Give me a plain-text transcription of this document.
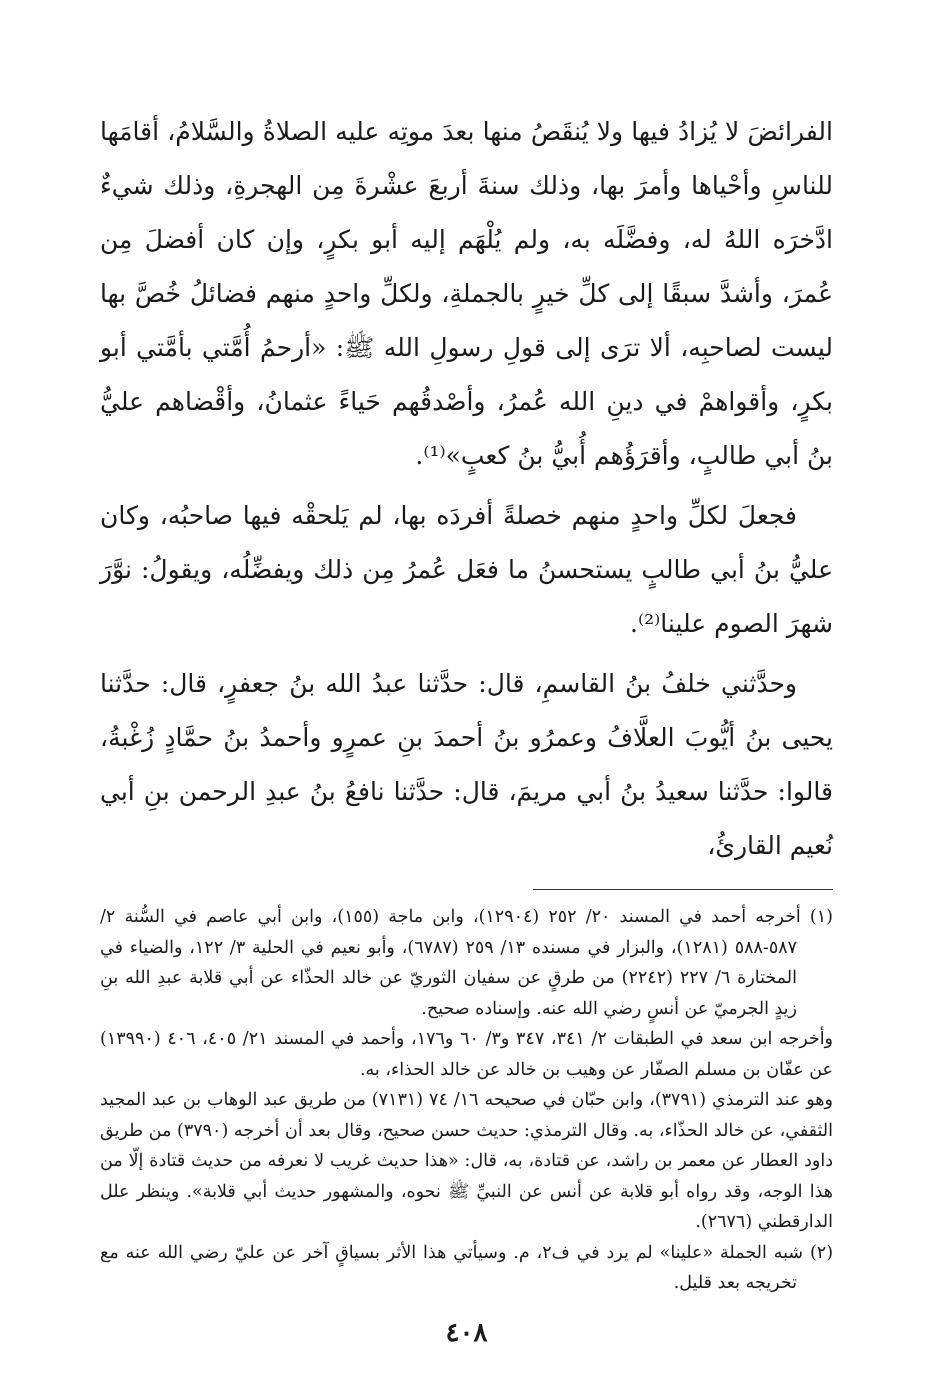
الفرائضَ لا يُزادُ فيها ولا يُنقَصُ منها بعدَ موتِه عليه الصلاةُ والسَّلامُ، أقامَها للناسِ وأحْياها وأمرَ بها، وذلك سنةَ أربعَ عشْرةَ مِن الهجرةِ، وذلك شيءٌ ادَّخرَه اللهُ له، وفضَّلَه به، ولم يُلْهَم إليه أبو بكرٍ، وإن كان أفضلَ مِن عُمرَ، وأشدَّ سبقًا إلى كلِّ خيرٍ بالجملةِ، ولكلِّ واحدٍ منهم فضائلُ خُصَّ بها ليست لصاحبِه، ألا ترَى إلى قولِ رسولِ الله ﷺ: «أرحمُ أُمَّتي بأمَّتي أبو بكرٍ، وأقواهمْ في دينِ الله عُمرُ، وأصْدقُهم حَياءً عثمانُ، وأقْضاهم عليُّ بنُ أبي طالبٍ، وأقرَؤُهم أُبيُّ بنُ كعبٍ»⁽¹⁾.

فجعلَ لكلِّ واحدٍ منهم خصلةً أفردَه بها، لم يَلحقْه فيها صاحبُه، وكان عليُّ بنُ أبي طالبٍ يستحسنُ ما فعَل عُمرُ مِن ذلك ويفضِّلُه، ويقولُ: نوَّرَ شهرَ الصوم علينا⁽²⁾.

وحدَّثني خلفُ بنُ القاسمِ، قال: حدَّثنا عبدُ الله بنُ جعفرٍ، قال: حدَّثنا يحيى بنُ أيُّوبَ العلَّافُ وعمرُو بنُ أحمدَ بنِ عمرٍو وأحمدُ بنُ حمَّادٍ زُغْبةُ، قالوا: حدَّثنا سعيدُ بنُ أبي مريمَ، قال: حدَّثنا نافعُ بنُ عبدِ الرحمن بنِ أبي نُعيم القارئُ،

(١) أخرجه أحمد في المسند ٢٠/ ٢٥٢ (١٢٩٠٤)، وابن ماجة (١٥٥)، وابن أبي عاصم في السُّنة ٢/ ٥٨٧-٥٨٨ (١٢٨١)، والبزار في مسنده ١٣/ ٢٥٩ (٦٧٨٧)، وأبو نعيم في الحلية ٣/ ١٢٢، والضياء في المختارة ٦/ ٢٢٧ (٢٢٤٢) من طرقٍ عن سفيان الثوريّ عن خالد الحذّاء عن أبي قلابة عبدِ الله بنِ زيدٍ الجرميّ عن أنسٍ رضي الله عنه. وإسناده صحيح.

وأخرجه ابن سعد في الطبقات ٢/ ٣٤١، ٣٤٧ و٣/ ٦٠ و١٧٦، وأحمد في المسند ٢١/ ٤٠٥، ٤٠٦ (١٣٩٩٠) عن عفّان بن مسلم الصفّار عن وهيب بن خالد عن خالد الحذاء، به.

وهو عند الترمذي (٣٧٩١)، وابن حبّان في صحيحه ١٦/ ٧٤ (٧١٣١) من طريق عبد الوهاب بن عبد المجيد الثقفي، عن خالد الحذّاء، به. وقال الترمذي: حديث حسن صحيح، وقال بعد أن أخرجه (٣٧٩٠) من طريق داود العطار عن معمر بن راشد، عن قتادة، به، قال: «هذا حديث غريب لا نعرفه من حديث قتادة إلّا من هذا الوجه، وقد رواه أبو قلابة عن أنس عن النبيِّ ﷺ نحوه، والمشهور حديث أبي قلابة». وينظر علل الدارقطني (٢٦٧٦).

(٢) شبه الجملة «علينا» لم يرد في ف٢، م. وسيأتي هذا الأثر بسياقٍ آخر عن عليّ رضي الله عنه مع تخريجه بعد قليل.

٤٠٨
